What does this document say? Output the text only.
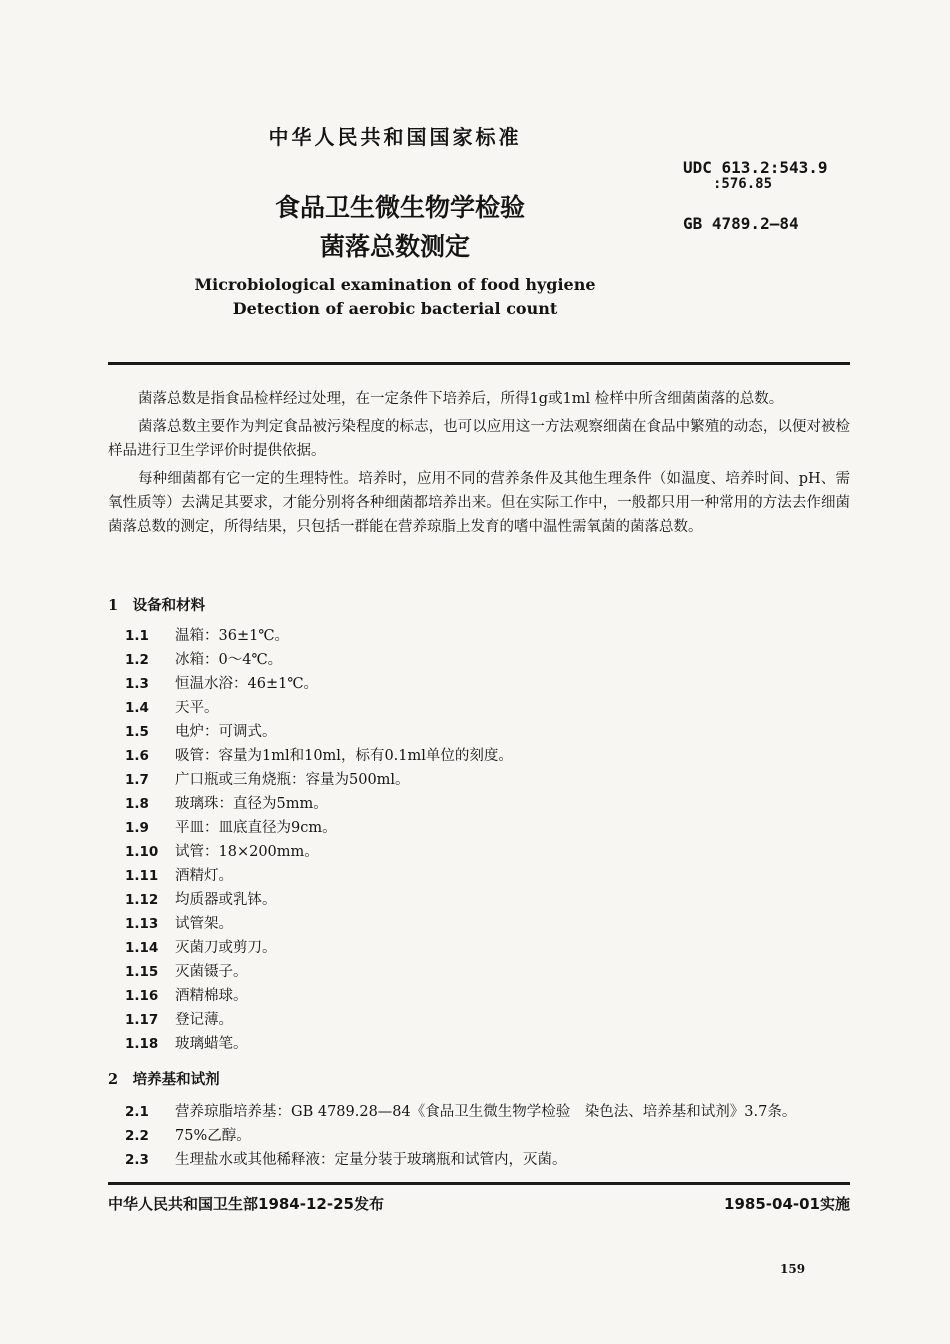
中华人民共和国国家标准
UDC 613.2:543.9
:576.85
GB 4789.2—84
食品卫生微生物学检验
菌落总数测定
Microbiological examination of food hygiene
Detection of aerobic bacterial count

菌落总数是指食品检样经过处理，在一定条件下培养后，所得1g或1ml 检样中所含细菌菌落的总数。

菌落总数主要作为判定食品被污染程度的标志，也可以应用这一方法观察细菌在食品中繁殖的动态，以便对被检样品进行卫生学评价时提供依据。

每种细菌都有它一定的生理特性。培养时，应用不同的营养条件及其他生理条件（如温度、培养时间、pH、需氧性质等）去满足其要求，才能分别将各种细菌都培养出来。但在实际工作中，一般都只用一种常用的方法去作细菌菌落总数的测定，所得结果，只包括一群能在营养琼脂上发育的嗜中温性需氧菌的菌落总数。

1　设备和材料
1.1 温箱：36±1℃。
1.2 冰箱：0～4℃。
1.3 恒温水浴：46±1℃。
1.4 天平。
1.5 电炉：可调式。
1.6 吸管：容量为1ml和10ml，标有0.1ml单位的刻度。
1.7 广口瓶或三角烧瓶：容量为500ml。
1.8 玻璃珠：直径为5mm。
1.9 平皿：皿底直径为9cm。
1.10 试管：18×200mm。
1.11 酒精灯。
1.12 均质器或乳钵。
1.13 试管架。
1.14 灭菌刀或剪刀。
1.15 灭菌镊子。
1.16 酒精棉球。
1.17 登记薄。
1.18 玻璃蜡笔。
2　培养基和试剂
2.1 营养琼脂培养基：GB 4789.28—84《食品卫生微生物学检验　染色法、培养基和试剂》3.7条。
2.2 75%乙醇。
2.3 生理盐水或其他稀释液：定量分装于玻璃瓶和试管内，灭菌。
中华人民共和国卫生部1984-12-25发布	1985-04-01实施
159
